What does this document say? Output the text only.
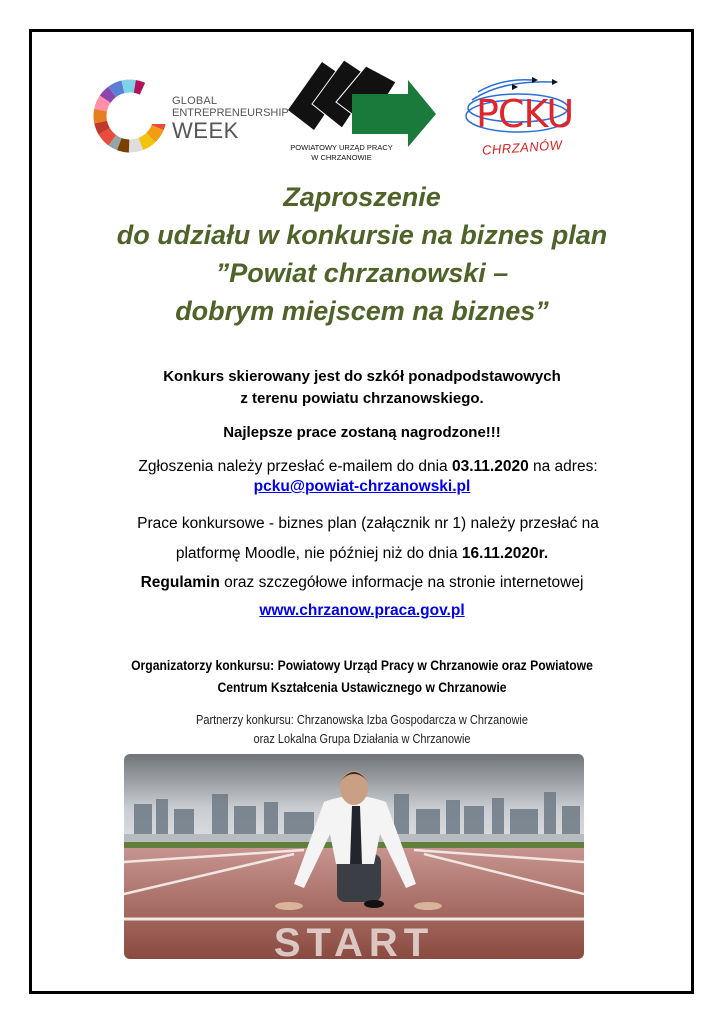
GLOBAL
ENTREPRENEURSHIP
WEEK
POWIATOWY URZĄD PRACY
W CHRZANOWIE
PCKU
CHRZANÓW
Zaproszenie
do udziału w konkursie na biznes plan
”Powiat chrzanowski –
dobrym miejscem na biznes”
Konkurs skierowany jest do szkół ponadpodstawowych
z terenu powiatu chrzanowskiego.
Najlepsze prace zostaną nagrodzone!!!
Zgłoszenia należy przesłać e-mailem do dnia 03.11.2020 na adres:
pcku@powiat-chrzanowski.pl
Prace konkursowe - biznes plan (załącznik nr 1) należy przesłać na
platformę Moodle, nie później niż do dnia 16.11.2020r.
Regulamin oraz szczegółowe informacje na stronie internetowej
www.chrzanow.praca.gov.pl
Organizatorzy konkursu: Powiatowy Urząd Pracy w Chrzanowie oraz Powiatowe
Centrum Kształcenia Ustawicznego w Chrzanowie
Partnerzy konkursu: Chrzanowska Izba Gospodarcza w Chrzanowie
oraz Lokalna Grupa Działania w Chrzanowie
START
